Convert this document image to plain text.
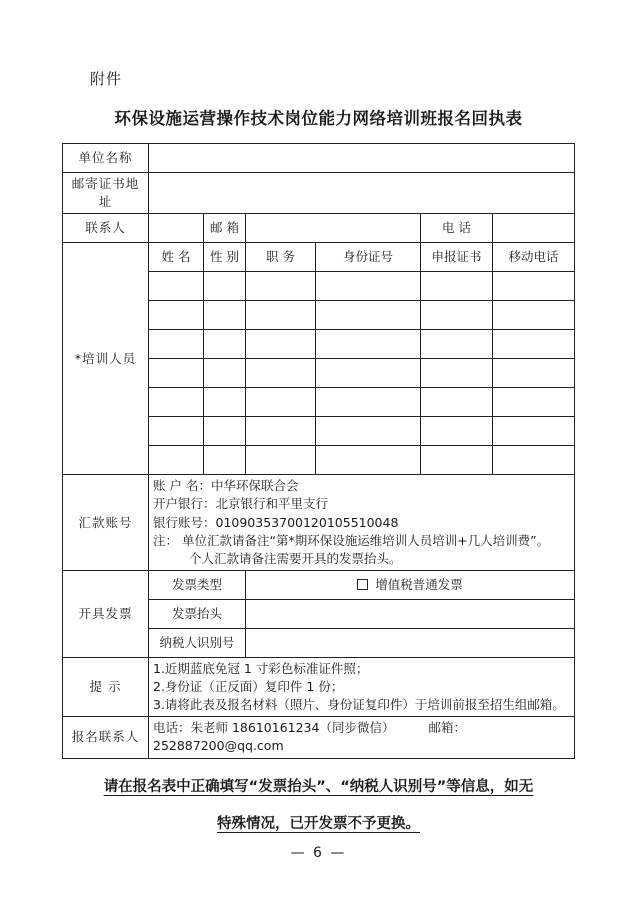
附件
环保设施运营操作技术岗位能力网络培训班报名回执表
单位名称						
邮寄证书地址						
联系人		邮 箱			电 话	
*培训人员	姓 名	性 别	职 务	身份证号	申报证书	移动电话

汇款账号	账 户 名：中华环保联合会
开户银行：北京银行和平里支行
银行账号：01090353700120105510048
注： 单位汇款请备注“第*期环保设施运维培训人员培训+几人培训费”。
个人汇款请备注需要开具的发票抬头。					

开具发票	发票类型		增值税普通发票			

	发票抬头					
	纳税人识别号					
提 示	1.近期蓝底免冠 1 寸彩色标准证件照；
2.身份证（正反面）复印件 1 份；
3.请将此表及报名材料（照片、身份证复印件）于培训前报至招生组邮箱。					

报名联系人	电话：朱老师 18610161234（同步微信） 邮箱：252887200@qq.com					
请在报名表中正确填写“发票抬头”、“纳税人识别号”等信息，如无
特殊情况，已开发票不予更换。
— 6 —
